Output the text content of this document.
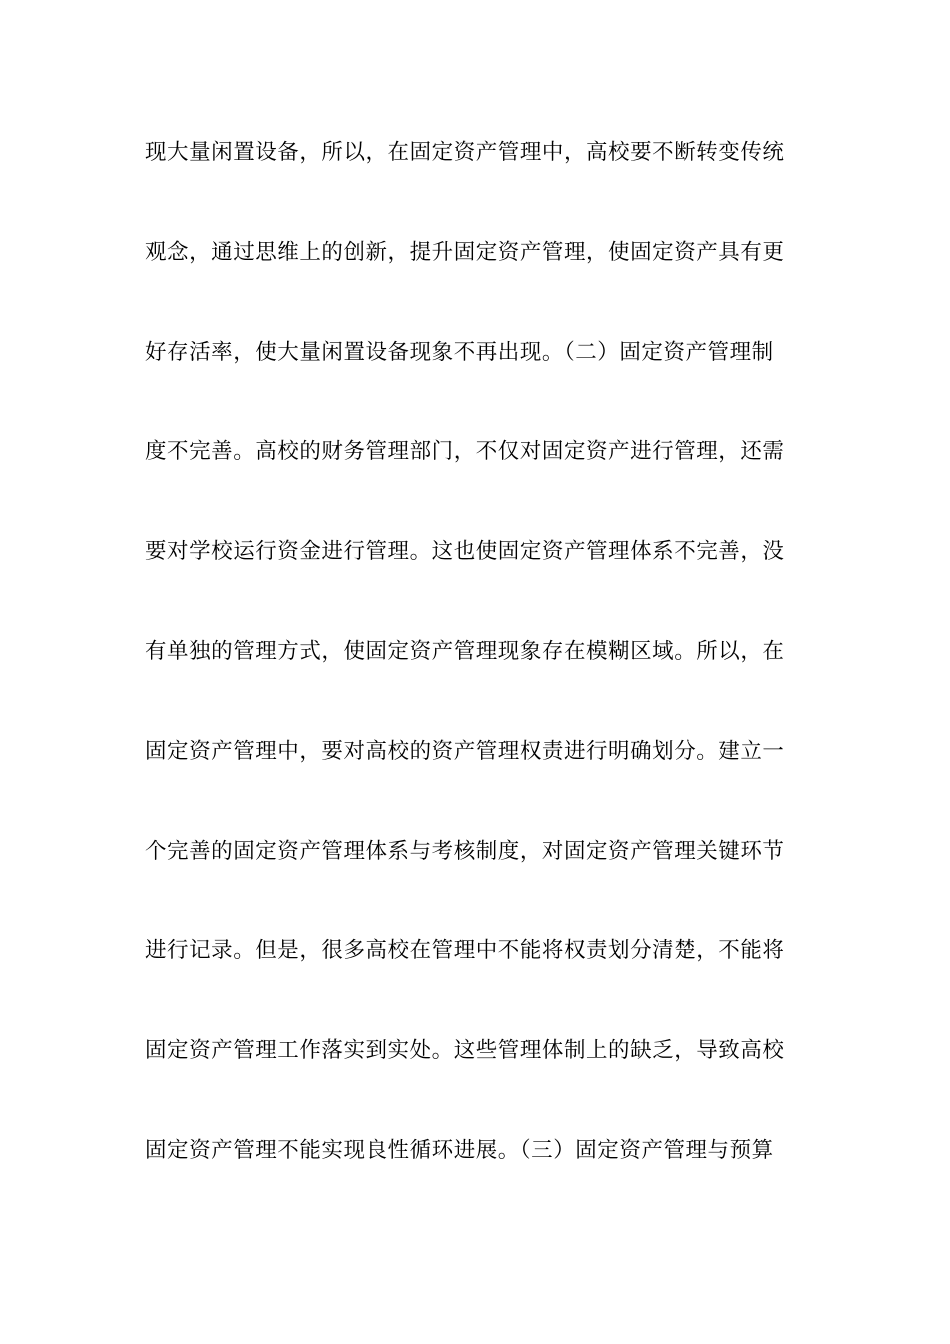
现大量闲置设备，所以，在固定资产管理中，高校要不断转变传统
观念，通过思维上的创新，提升固定资产管理，使固定资产具有更
好存活率，使大量闲置设备现象不再出现。（二）固定资产管理制
度不完善。高校的财务管理部门，不仅对固定资产进行管理，还需
要对学校运行资金进行管理。这也使固定资产管理体系不完善，没
有单独的管理方式，使固定资产管理现象存在模糊区域。所以，在
固定资产管理中，要对高校的资产管理权责进行明确划分。建立一
个完善的固定资产管理体系与考核制度，对固定资产管理关键环节
进行记录。但是，很多高校在管理中不能将权责划分清楚，不能将
固定资产管理工作落实到实处。这些管理体制上的缺乏，导致高校
固定资产管理不能实现良性循环进展。（三）固定资产管理与预算
